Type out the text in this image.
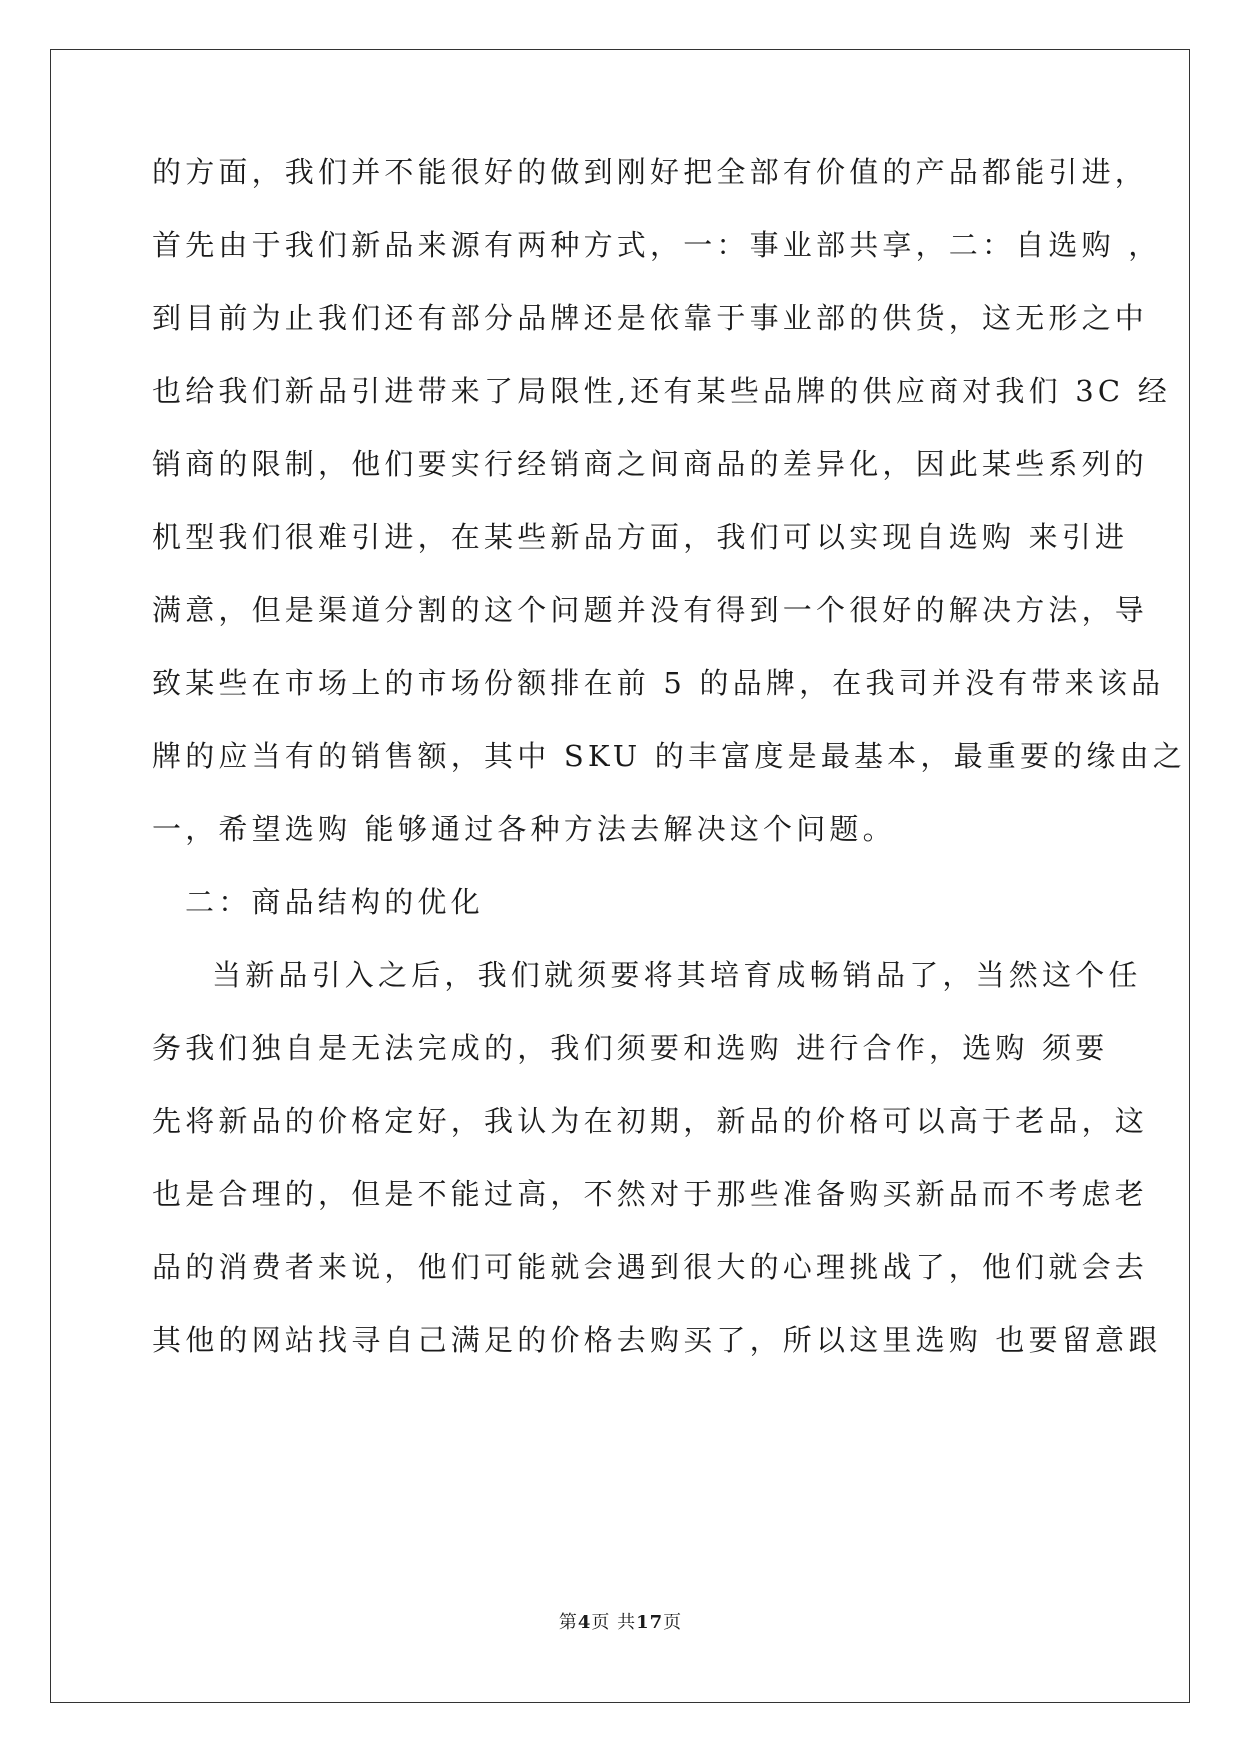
的方面，我们并不能很好的做到刚好把全部有价值的产品都能引进，
首先由于我们新品来源有两种方式，一：事业部共享，二：自选购 ，
到目前为止我们还有部分品牌还是依靠于事业部的供货，这无形之中
也给我们新品引进带来了局限性,还有某些品牌的供应商对我们 3C 经
销商的限制，他们要实行经销商之间商品的差异化，因此某些系列的
机型我们很难引进，在某些新品方面，我们可以实现自选购 来引进
满意，但是渠道分割的这个问题并没有得到一个很好的解决方法，导
致某些在市场上的市场份额排在前 5 的品牌，在我司并没有带来该品
牌的应当有的销售额，其中 SKU 的丰富度是最基本，最重要的缘由之
一，希望选购 能够通过各种方法去解决这个问题。
二：商品结构的优化
当新品引入之后，我们就须要将其培育成畅销品了，当然这个任
务我们独自是无法完成的，我们须要和选购 进行合作，选购 须要
先将新品的价格定好，我认为在初期，新品的价格可以高于老品，这
也是合理的，但是不能过高，不然对于那些准备购买新品而不考虑老
品的消费者来说，他们可能就会遇到很大的心理挑战了，他们就会去
其他的网站找寻自己满足的价格去购买了，所以这里选购 也要留意跟
第4页 共17页
